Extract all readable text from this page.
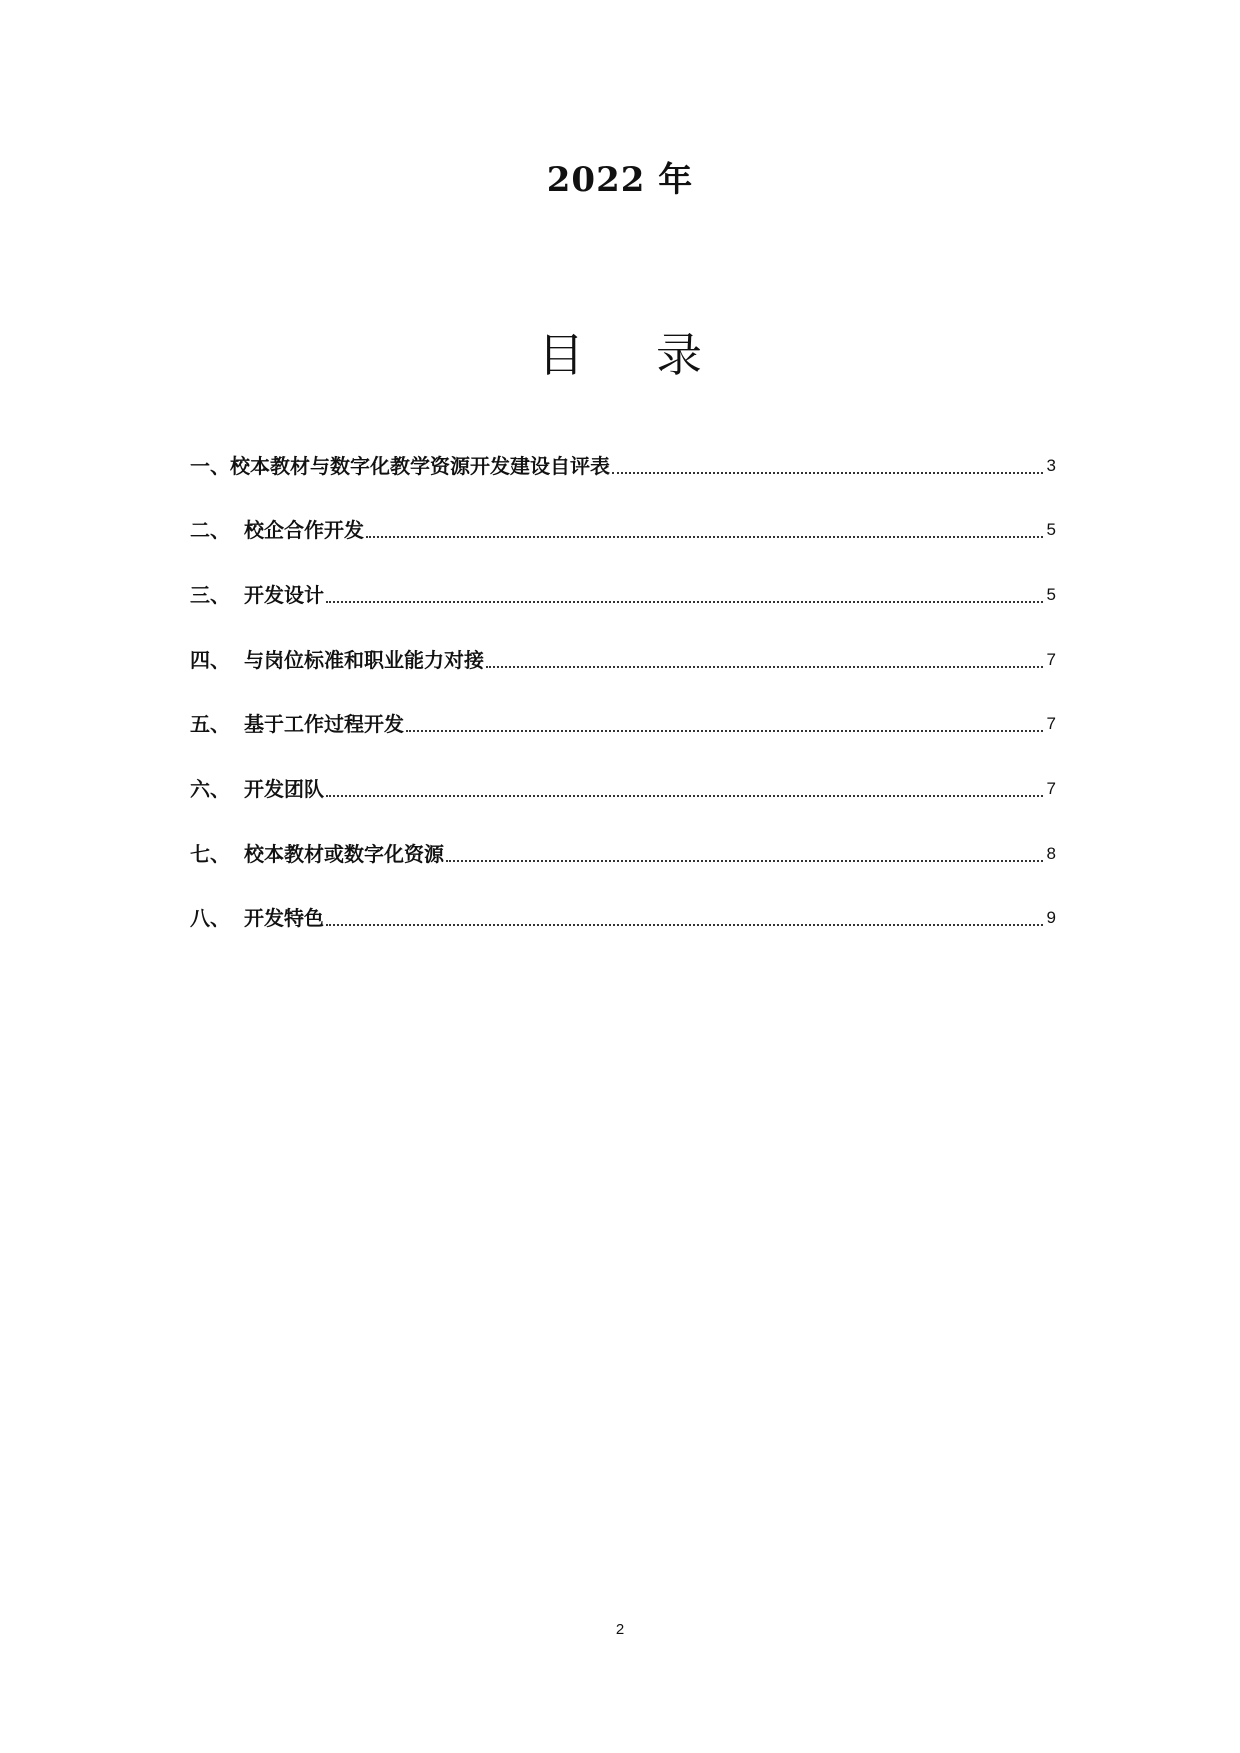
2022 年
目 录
一、 校本教材与数字化教学资源开发建设自评表	3
二、 校企合作开发	5
三、 开发设计	5
四、 与岗位标准和职业能力对接	7
五、 基于工作过程开发	7
六、 开发团队	7
七、 校本教材或数字化资源	8
八、 开发特色	9
2
